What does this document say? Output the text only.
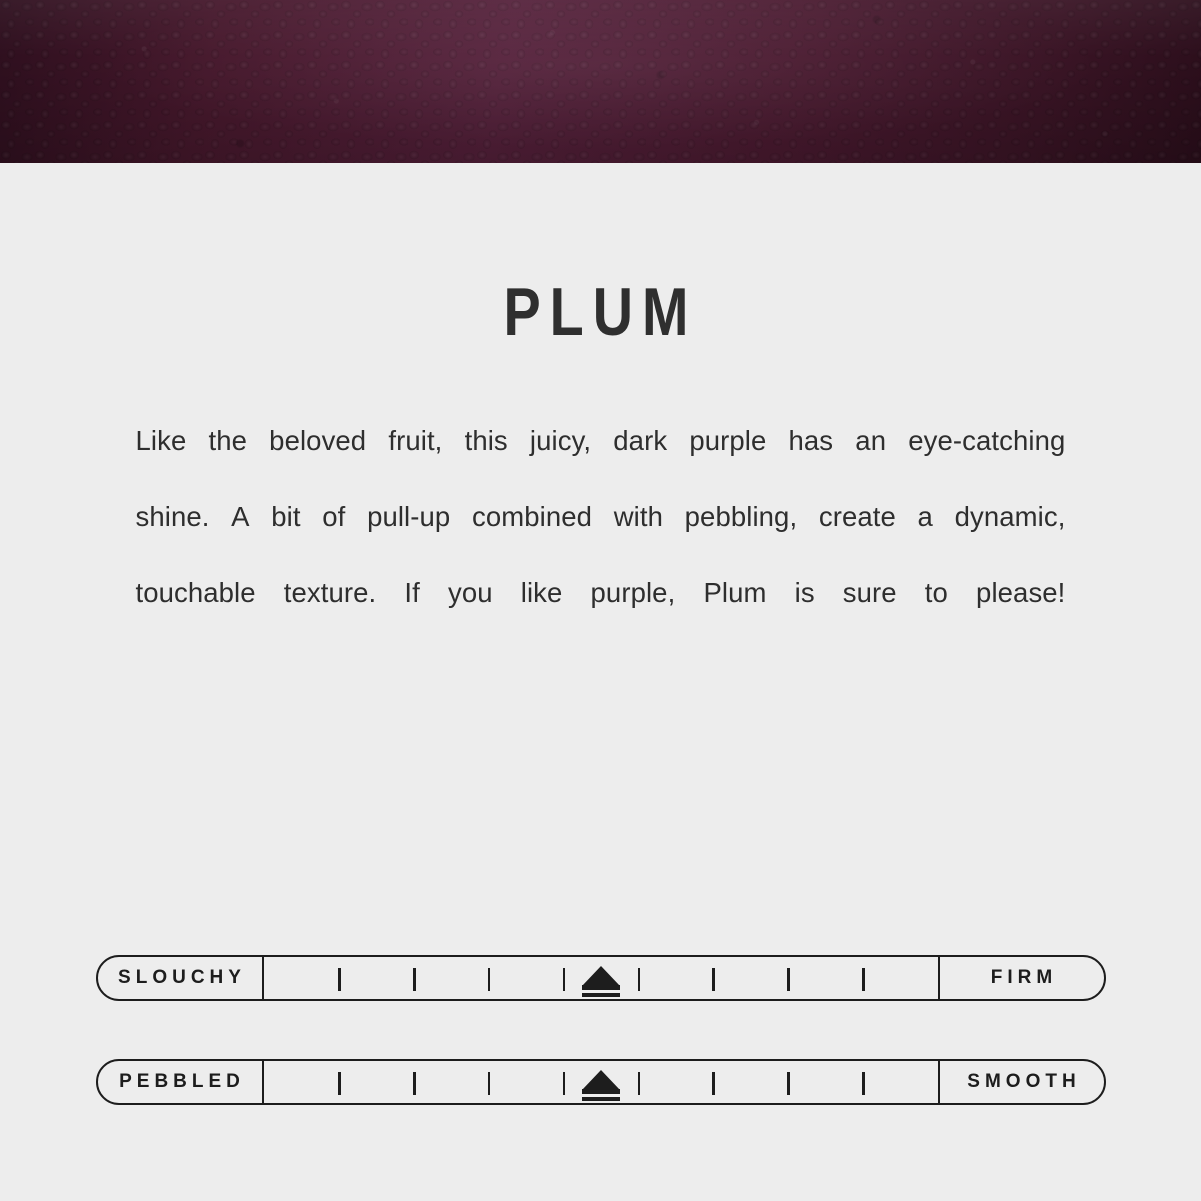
PLUM
Like the beloved fruit, this juicy, dark purple has an eye-catching
shine. A bit of pull-up combined with pebbling, create a dynamic,
touchable texture. If you like purple, Plum is sure to please!
SLOUCHY	FIRM
PEBBLED	SMOOTH
